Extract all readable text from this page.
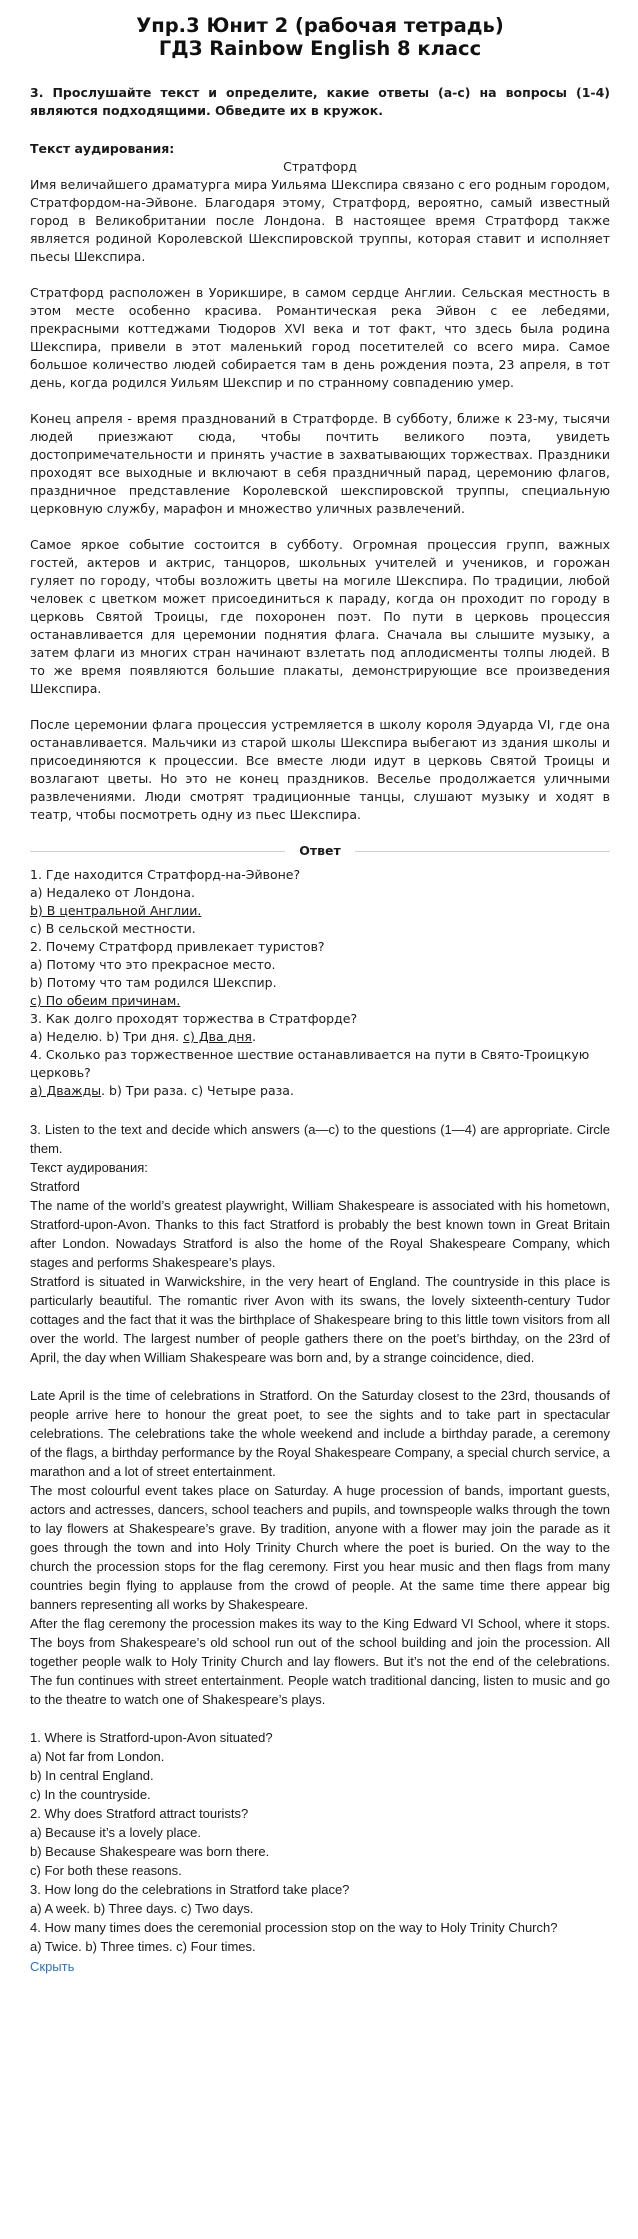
Упр.3 Юнит 2 (рабочая тетрадь)
ГДЗ Rainbow English 8 класс

3. Прослушайте текст и определите, какие ответы (a-c) на вопросы (1-4) являются подходящими. Обведите их в кружок.

Текст аудирования:

Стратфорд

Имя величайшего драматурга мира Уильяма Шекспира связано с его родным городом, Стратфордом-на-Эйвоне. Благодаря этому, Стратфорд, вероятно, самый известный город в Великобритании после Лондона. В настоящее время Стратфорд также является родиной Королевской Шекспировской труппы, которая ставит и исполняет пьесы Шекспира.

Стратфорд расположен в Уорикшире, в самом сердце Англии. Сельская местность в этом месте особенно красива. Романтическая река Эйвон с ее лебедями, прекрасными коттеджами Тюдоров XVI века и тот факт, что здесь была родина Шекспира, привели в этот маленький город посетителей со всего мира. Самое большое количество людей собирается там в день рождения поэта, 23 апреля, в тот день, когда родился Уильям Шекспир и по странному совпадению умер.

Конец апреля - время празднований в Стратфорде. В субботу, ближе к 23-му, тысячи людей приезжают сюда, чтобы почтить великого поэта, увидеть достопримечательности и принять участие в захватывающих торжествах. Праздники проходят все выходные и включают в себя праздничный парад, церемонию флагов, праздничное представление Королевской шекспировской труппы, специальную церковную службу, марафон и множество уличных развлечений.

Самое яркое событие состоится в субботу. Огромная процессия групп, важных гостей, актеров и актрис, танцоров, школьных учителей и учеников, и горожан гуляет по городу, чтобы возложить цветы на могиле Шекспира. По традиции, любой человек с цветком может присоединиться к параду, когда он проходит по городу в церковь Святой Троицы, где похоронен поэт. По пути в церковь процессия останавливается для церемонии поднятия флага. Сначала вы слышите музыку, а затем флаги из многих стран начинают взлетать под аплодисменты толпы людей. В то же время появляются большие плакаты, демонстрирующие все произведения Шекспира.

После церемонии флага процессия устремляется в школу короля Эдуарда VI, где она останавливается. Мальчики из старой школы Шекспира выбегают из здания школы и присоединяются к процессии. Все вместе люди идут в церковь Святой Троицы и возлагают цветы. Но это не конец праздников. Веселье продолжается уличными развлечениями. Люди смотрят традиционные танцы, слушают музыку и ходят в театр, чтобы посмотреть одну из пьес Шекспира.

Ответ

1. Где находится Стратфорд-на-Эйвоне?

a) Недалеко от Лондона.

b) В центральной Англии.

c) В сельской местности.

2. Почему Стратфорд привлекает туристов?

a) Потому что это прекрасное место.

b) Потому что там родился Шекспир.

c) По обеим причинам.

3. Как долго проходят торжества в Стратфорде?

a) Неделю. b) Три дня. c) Два дня.

4. Сколько раз торжественное шествие останавливается на пути в Свято-Троицкую церковь?

a) Дважды. b) Три раза. c) Четыре раза.

3. Listen to the text and decide which answers (a—c) to the questions (1—4) are appropriate. Circle them.

Текст аудирования:

Stratford

The name of the world’s greatest playwright, William Shakespeare is associated with his hometown, Stratford-upon-Avon. Thanks to this fact Stratford is probably the best known town in Great Britain after London. Nowadays Stratford is also the home of the Royal Shakespeare Company, which stages and performs Shakespeare’s plays.

Stratford is situated in Warwickshire, in the very heart of England. The countryside in this place is particularly beautiful. The romantic river Avon with its swans, the lovely sixteenth-century Tudor cottages and the fact that it was the birthplace of Shakespeare bring to this little town visitors from all over the world. The largest number of people gathers there on the poet’s birthday, on the 23rd of April, the day when William Shakespeare was born and, by a strange coincidence, died.

Late April is the time of celebrations in Stratford. On the Saturday closest to the 23rd, thousands of people arrive here to honour the great poet, to see the sights and to take part in spectacular celebrations. The celebrations take the whole weekend and include a birthday parade, a ceremony of the flags, a birthday performance by the Royal Shakespeare Company, a special church service, a marathon and a lot of street entertainment.

The most colourful event takes place on Saturday. A huge procession of bands, important guests, actors and actresses, dancers, school teachers and pupils, and townspeople walks through the town to lay flowers at Shakespeare’s grave. By tradition, anyone with a flower may join the parade as it goes through the town and into Holy Trinity Church where the poet is buried. On the way to the church the procession stops for the flag ceremony. First you hear music and then flags from many countries begin flying to applause from the crowd of people. At the same time there appear big banners representing all works by Shakespeare.

After the flag ceremony the procession makes its way to the King Edward VI School, where it stops. The boys from Shakespeare’s old school run out of the school building and join the procession. All together people walk to Holy Trinity Church and lay flowers. But it’s not the end of the celebrations. The fun continues with street entertainment. People watch traditional dancing, listen to music and go to the theatre to watch one of Shakespeare’s plays.

1. Where is Stratford-upon-Avon situated?

a) Not far from London.

b) In central England.

c) In the countryside.

2. Why does Stratford attract tourists?

a) Because it’s a lovely place.

b) Because Shakespeare was born there.

c) For both these reasons.

3. How long do the celebrations in Stratford take place?

a) A week. b) Three days. c) Two days.

4. How many times does the ceremonial procession stop on the way to Holy Trinity Church?

a) Twice. b) Three times. c) Four times.

Скрыть
